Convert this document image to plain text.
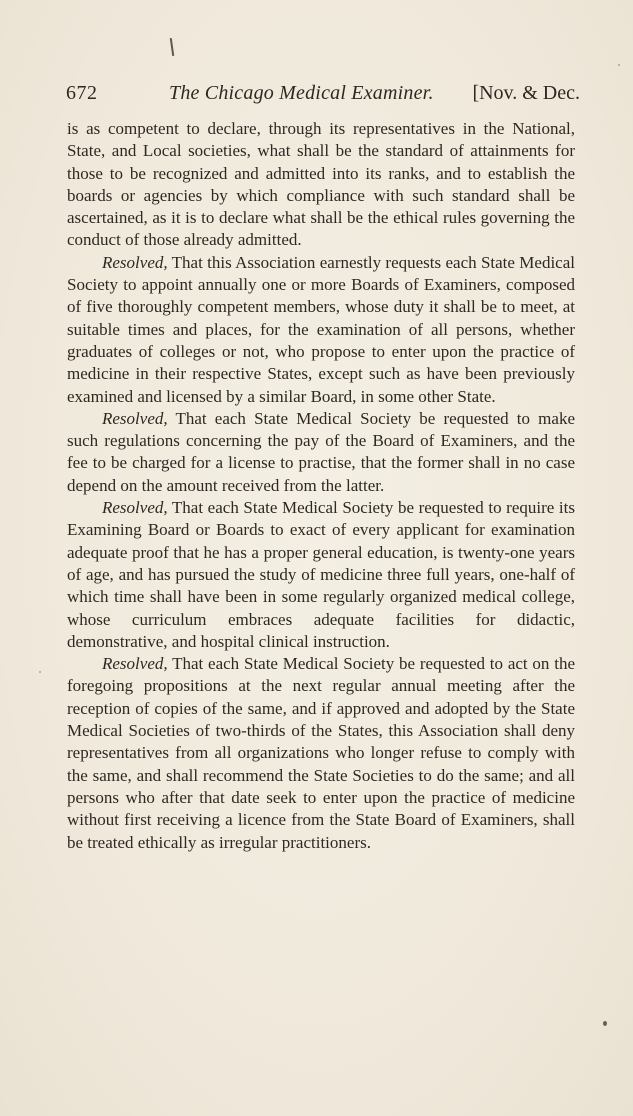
672	The Chicago Medical Examiner. [Nov. & Dec.

is as competent to declare, through its representatives in the National, State, and Local societies, what shall be the standard of attainments for those to be recognized and admitted into its ranks, and to establish the boards or agencies by which compliance with such standard shall be ascertained, as it is to declare what shall be the ethical rules governing the conduct of those already admitted.

Resolved, That this Association earnestly requests each State Medical Society to appoint annually one or more Boards of Examiners, composed of five thoroughly competent members, whose duty it shall be to meet, at suitable times and places, for the examination of all persons, whether graduates of colleges or not, who propose to enter upon the practice of medicine in their respective States, except such as have been previously examined and licensed by a similar Board, in some other State.

Resolved, That each State Medical Society be requested to make such regulations concerning the pay of the Board of Examiners, and the fee to be charged for a license to practise, that the former shall in no case depend on the amount received from the latter.

Resolved, That each State Medical Society be requested to require its Examining Board or Boards to exact of every applicant for examination adequate proof that he has a proper general education, is twenty-one years of age, and has pursued the study of medicine three full years, one-half of which time shall have been in some regularly organized medical college, whose curriculum embraces adequate facilities for didactic, demonstrative, and hospital clinical instruction.

Resolved, That each State Medical Society be requested to act on the foregoing propositions at the next regular annual meeting after the reception of copies of the same, and if approved and adopted by the State Medical Societies of two-thirds of the States, this Association shall deny representatives from all organizations who longer refuse to comply with the same, and shall recommend the State Societies to do the same; and all persons who after that date seek to enter upon the practice of medicine without first receiving a licence from the State Board of Examiners, shall be treated ethically as irregular practitioners.
